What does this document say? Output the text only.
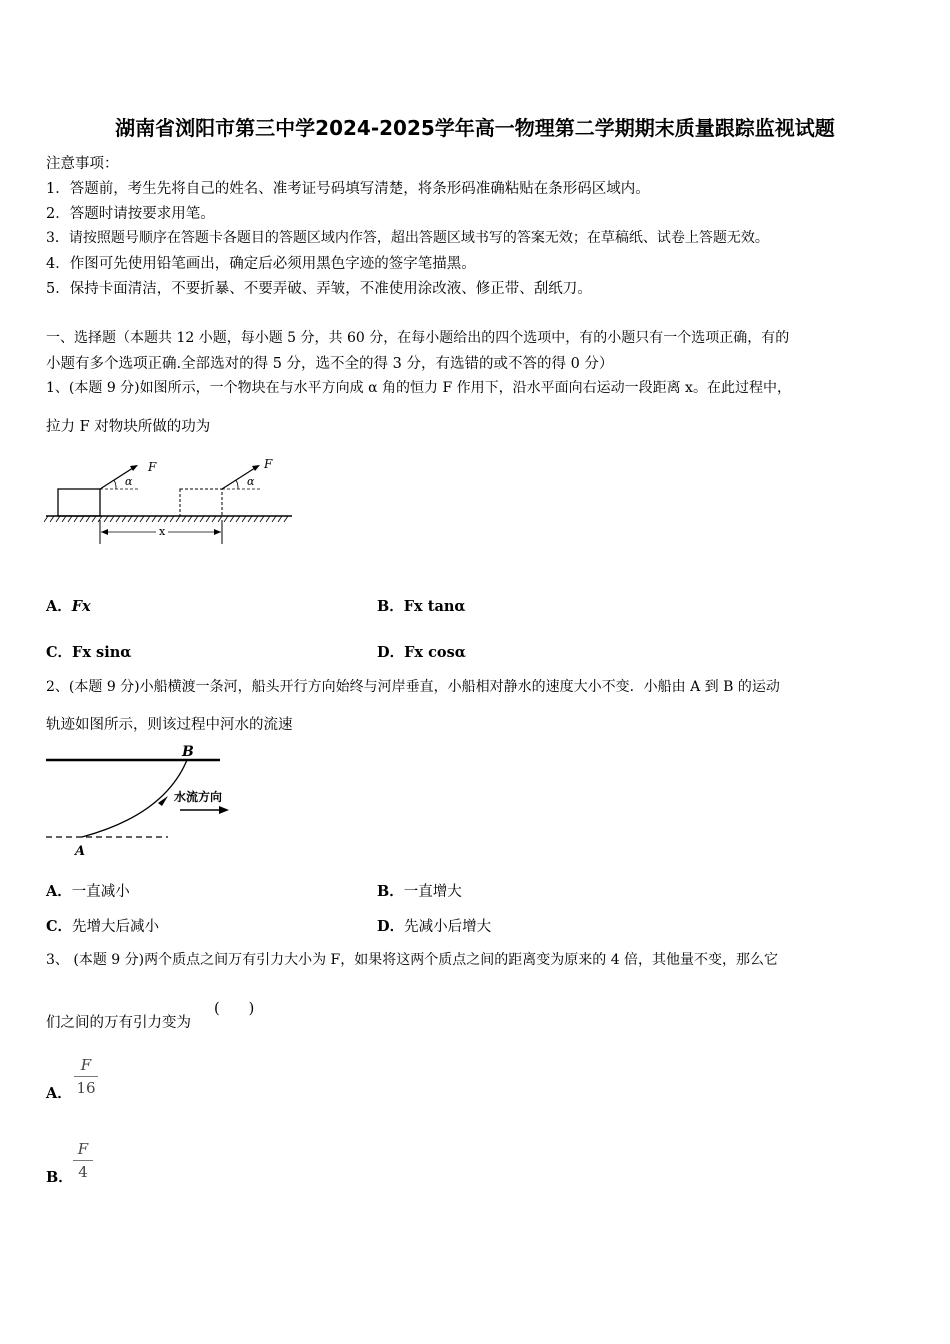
湖南省浏阳市第三中学2024-2025学年高一物理第二学期期末质量跟踪监视试题
注意事项：
1．答题前，考生先将自己的姓名、准考证号码填写清楚，将条形码准确粘贴在条形码区域内。
2．答题时请按要求用笔。
3．请按照题号顺序在答题卡各题目的答题区域内作答，超出答题区域书写的答案无效；在草稿纸、试卷上答题无效。
4．作图可先使用铅笔画出，确定后必须用黑色字迹的签字笔描黑。
5．保持卡面清洁，不要折暴、不要弄破、弄皱，不准使用涂改液、修正带、刮纸刀。
一、选择题（本题共 12 小题，每小题 5 分，共 60 分，在每小题给出的四个选项中，有的小题只有一个选项正确，有的
小题有多个选项正确.全部选对的得 5 分，选不全的得 3 分，有选错的或不答的得 0 分）
1、(本题 9 分)如图所示，一个物块在与水平方向成 α 角的恒力 F 作用下，沿水平面向右运动一段距离 x。在此过程中，
拉力 F 对物块所做的功为
F
α
F
α
x
A．Fx	B．Fx tanα
C．Fx sinα	D．Fx cosα
2、(本题 9 分)小船横渡一条河，船头开行方向始终与河岸垂直，小船相对静水的速度大小不变．小船由 A 到 B 的运动
轨迹如图所示，则该过程中河水的流速
B
A
水流方向
A．一直减小	B．一直增大
C．先增大后减小	D．先减小后增大
3、 (本题 9 分)两个质点之间万有引力大小为 F，如果将这两个质点之间的距离变为原来的 4 倍，其他量不变，那么它
们之间的万有引力变为
(　　)
A．
F
16
B．
F
4
